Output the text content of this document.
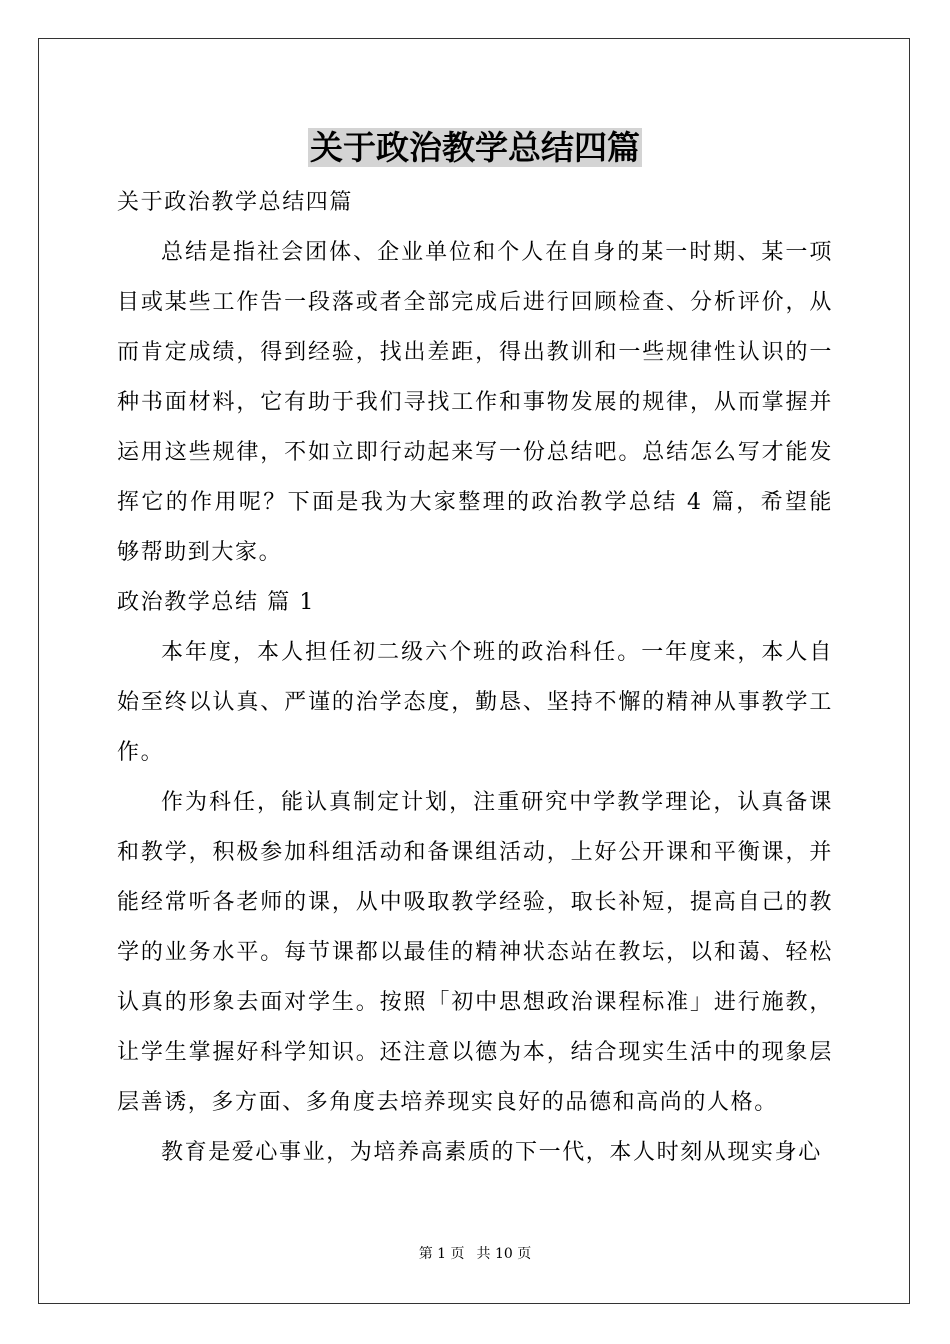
关于政治教学总结四篇

关于政治教学总结四篇

总结是指社会团体、企业单位和个人在自身的某一时期、某一项目或某些工作告一段落或者全部完成后进行回顾检查、分析评价，从而肯定成绩，得到经验，找出差距，得出教训和一些规律性认识的一种书面材料，它有助于我们寻找工作和事物发展的规律，从而掌握并运用这些规律，不如立即行动起来写一份总结吧。总结怎么写才能发挥它的作用呢？下面是我为大家整理的政治教学总结 4 篇，希望能够帮助到大家。

政治教学总结 篇 1

本年度，本人担任初二级六个班的政治科任。一年度来，本人自始至终以认真、严谨的治学态度，勤恳、坚持不懈的精神从事教学工作。

作为科任，能认真制定计划，注重研究中学教学理论，认真备课和教学，积极参加科组活动和备课组活动，上好公开课和平衡课，并能经常听各老师的课，从中吸取教学经验，取长补短，提高自己的教学的业务水平。每节课都以最佳的精神状态站在教坛，以和蔼、轻松认真的形象去面对学生。按照「初中思想政治课程标准」进行施教，让学生掌握好科学知识。还注意以德为本，结合现实生活中的现象层层善诱，多方面、多角度去培养现实良好的品德和高尚的人格。

教育是爱心事业，为培养高素质的下一代，本人时刻从现实身心

第 1 页 共 10 页
